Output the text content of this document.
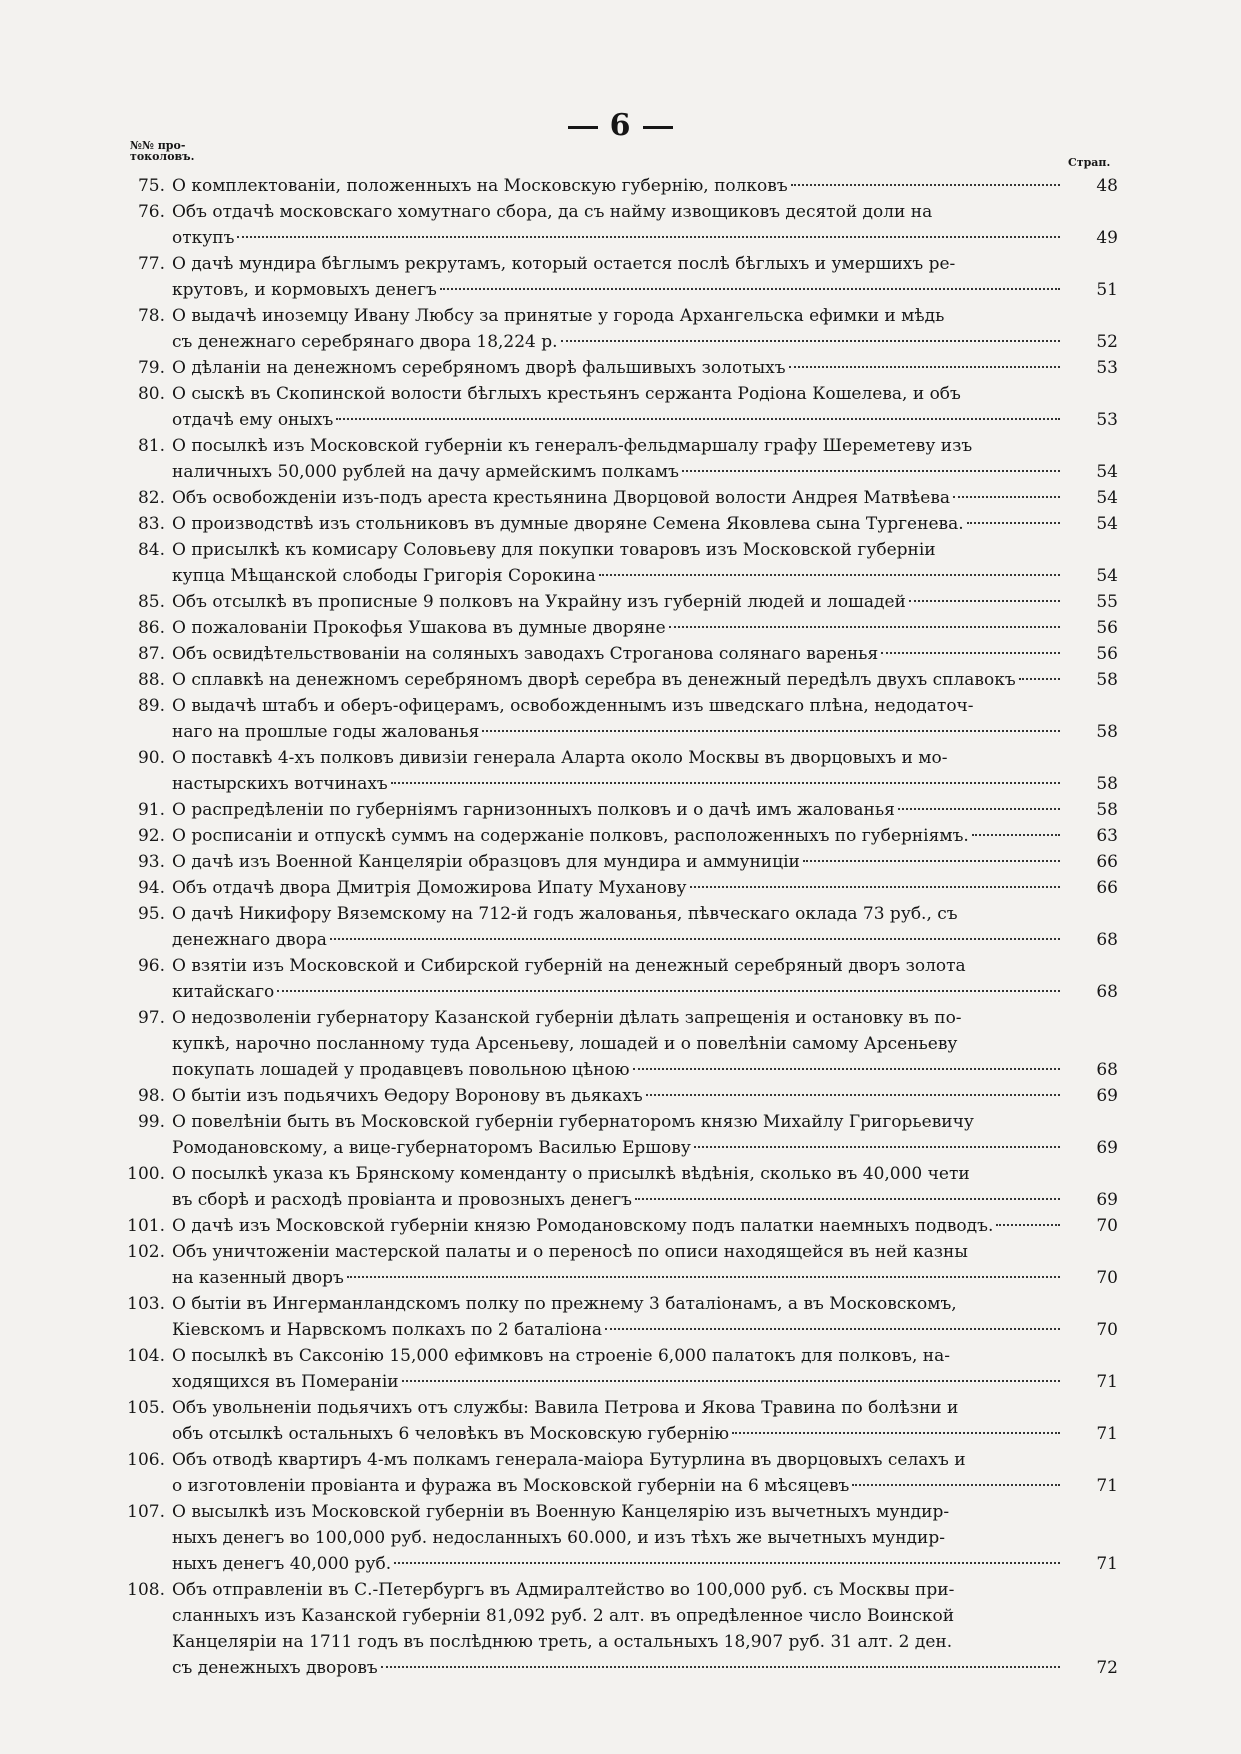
6
№№ про-
токоловъ.	Страп.
75. О комплектованіи, положенныхъ на Московскую губернію, полковъ	48
76. Объ отдачѣ московскаго хомутнаго сбора, да съ найму извощиковъ десятой доли на
откупъ	49
77. О дачѣ мундира бѣглымъ рекрутамъ, который остается послѣ бѣглыхъ и умершихъ ре-
крутовъ, и кормовыхъ денегъ	51
78. О выдачѣ иноземцу Ивану Любсу за принятые у города Архангельска ефимки и мѣдь
съ денежнаго серебрянаго двора 18,224 р.	52
79. О дѣланіи на денежномъ серебряномъ дворѣ фальшивыхъ золотыхъ	53
80. О сыскѣ въ Скопинской волости бѣглыхъ крестьянъ сержанта Родіона Кошелева, и объ
отдачѣ ему оныхъ	53
81. О посылкѣ изъ Московской губерніи къ генералъ-фельдмаршалу графу Шереметеву изъ
наличныхъ 50,000 рублей на дачу армейскимъ полкамъ	54
82. Объ освобожденіи изъ-подъ ареста крестьянина Дворцовой волости Андрея Матвѣева	54
83. О производствѣ изъ стольниковъ въ думные дворяне Семена Яковлева сына Тургенева.	54
84. О присылкѣ къ комисару Соловьеву для покупки товаровъ изъ Московской губерніи
купца Мѣщанской слободы Григорія Сорокина	54
85. Объ отсылкѣ въ прописные 9 полковъ на Украйну изъ губерній людей и лошадей	55
86. О пожалованіи Прокофья Ушакова въ думные дворяне	56
87. Объ освидѣтельствованіи на соляныхъ заводахъ Строганова солянаго варенья	56
88. О сплавкѣ на денежномъ серебряномъ дворѣ серебра въ денежный передѣлъ двухъ сплавокъ	58
89. О выдачѣ штабъ и оберъ-офицерамъ, освобожденнымъ изъ шведскаго плѣна, недодаточ-
наго на прошлые годы жалованья	58
90. О поставкѣ 4-хъ полковъ дивизіи генерала Аларта около Москвы въ дворцовыхъ и мо-
настырскихъ вотчинахъ	58
91. О распредѣленіи по губерніямъ гарнизонныхъ полковъ и о дачѣ имъ жалованья	58
92. О росписаніи и отпускѣ суммъ на содержаніе полковъ, расположенныхъ по губерніямъ.	63
93. О дачѣ изъ Военной Канцеляріи образцовъ для мундира и аммуниціи	66
94. Объ отдачѣ двора Дмитрія Доможирова Ипату Муханову	66
95. О дачѣ Никифору Вяземскому на 712-й годъ жалованья, пѣвческаго оклада 73 руб., съ
денежнаго двора	68
96. О взятіи изъ Московской и Сибирской губерній на денежный серебряный дворъ золота
китайскаго	68
97. О недозволеніи губернатору Казанской губерніи дѣлать запрещенія и остановку въ по-
купкѣ, нарочно посланному туда Арсеньеву, лошадей и о повелѣніи самому Арсеньеву
покупать лошадей у продавцевъ повольною цѣною	68
98. О бытіи изъ подьячихъ Ѳедору Воронову въ дьякахъ	69
99. О повелѣніи быть въ Московской губерніи губернаторомъ князю Михайлу Григорьевичу
Ромодановскому, а вице-губернаторомъ Василью Ершову	69
100. О посылкѣ указа къ Брянскому коменданту о присылкѣ вѣдѣнія, сколько въ 40,000 чети
въ сборѣ и расходѣ провіанта и провозныхъ денегъ	69
101. О дачѣ изъ Московской губерніи князю Ромодановскому подъ палатки наемныхъ подводъ.	70
102. Объ уничтоженіи мастерской палаты и о переносѣ по описи находящейся въ ней казны
на казенный дворъ	70
103. О бытіи въ Ингерманландскомъ полку по прежнему 3 баталіонамъ, а въ Московскомъ,
Кіевскомъ и Нарвскомъ полкахъ по 2 баталіона	70
104. О посылкѣ въ Саксонію 15,000 ефимковъ на строеніе 6,000 палатокъ для полковъ, на-
ходящихся въ Помераніи	71
105. Объ увольненіи подьячихъ отъ службы: Вавила Петрова и Якова Травина по болѣзни и
объ отсылкѣ остальныхъ 6 человѣкъ въ Московскую губернію	71
106. Объ отводѣ квартиръ 4-мъ полкамъ генерала-маіора Бутурлина въ дворцовыхъ селахъ и
о изготовленіи провіанта и фуража въ Московской губерніи на 6 мѣсяцевъ	71
107. О высылкѣ изъ Московской губерніи въ Военную Канцелярію изъ вычетныхъ мундир-
ныхъ денегъ во 100,000 руб. недосланныхъ 60.000, и изъ тѣхъ же вычетныхъ мундир-
ныхъ денегъ 40,000 руб.	71
108. Объ отправленіи въ С.-Петербургъ въ Адмиралтейство во 100,000 руб. съ Москвы при-
сланныхъ изъ Казанской губерніи 81,092 руб. 2 алт. въ опредѣленное число Воинской
Канцеляріи на 1711 годъ въ послѣднюю треть, а остальныхъ 18,907 руб. 31 алт. 2 ден.
съ денежныхъ дворовъ	72
